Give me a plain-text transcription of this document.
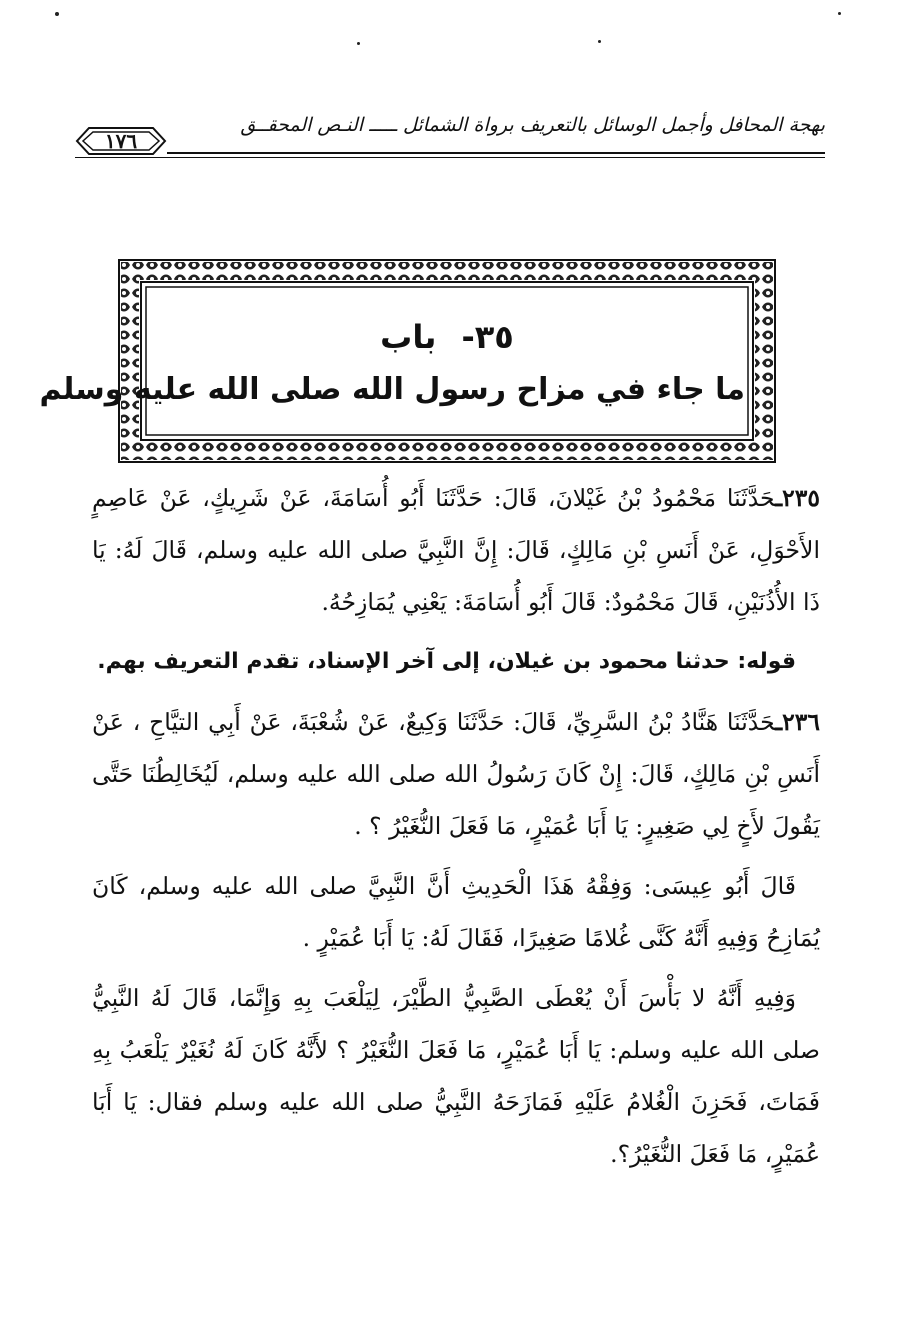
بهجة المحافل وأجمل الوسائل بالتعريف برواة الشمائل ـــــ النـص المحقــق
١٧٦
٣٥- باب
ما جاء في مزاح رسول الله صلى الله عليه وسلم

٢٣٥ـحَدَّثَنَا مَحْمُودُ بْنُ غَيْلانَ، قَالَ: حَدَّثَنَا أَبُو أُسَامَةَ، عَنْ شَرِيكٍ، عَنْ عَاصِمٍ الأَحْوَلِ، عَنْ أَنَسِ بْنِ مَالِكٍ، قَالَ: إِنَّ النَّبِيَّ صلى الله عليه وسلم، قَالَ لَهُ: يَا ذَا الأُذُنَيْنِ، قَالَ مَحْمُودٌ: قَالَ أَبُو أُسَامَةَ: يَعْنِي يُمَازِحُهُ.

قوله: حدثنا محمود بن غيلان، إلى آخر الإسناد، تقدم التعريف بهم.

٢٣٦ـحَدَّثَنَا هَنَّادُ بْنُ السَّرِيِّ، قَالَ: حَدَّثَنَا وَكِيعٌ، عَنْ شُعْبَةَ، عَنْ أَبِي التيَّاحِ ، عَنْ أَنَسِ بْنِ مَالِكٍ، قَالَ: إِنْ كَانَ رَسُولُ الله صلى الله عليه وسلم، لَيُخَالِطُنَا حَتَّى يَقُولَ لأَخٍ لِي صَغِيرٍ: يَا أَبَا عُمَيْرٍ، مَا فَعَلَ النُّغَيْرُ ؟ .

قَالَ أَبُو عِيسَى: وَفِقْهُ هَذَا الْحَدِيثِ أَنَّ النَّبِيَّ صلى الله عليه وسلم، كَانَ يُمَازِحُ وَفِيهِ أَنَّهُ كَنَّى غُلامًا صَغِيرًا، فَقَالَ لَهُ: يَا أَبَا عُمَيْرٍ .

وَفِيهِ أَنَّهُ لا بَأْسَ أَنْ يُعْطَى الصَّبِيُّ الطَّيْرَ، لِيَلْعَبَ بِهِ وَإِنَّمَا، قَالَ لَهُ النَّبِيُّ صلى الله عليه وسلم: يَا أَبَا عُمَيْرٍ، مَا فَعَلَ النُّغَيْرُ ؟ لأَنَّهُ كَانَ لَهُ نُغَيْرٌ يَلْعَبُ بِهِ فَمَاتَ، فَحَزِنَ الْغُلامُ عَلَيْهِ فَمَازَحَهُ النَّبِيُّ صلى الله عليه وسلم فقال: يَا أَبَا عُمَيْرٍ، مَا فَعَلَ النُّغَيْرُ؟.
